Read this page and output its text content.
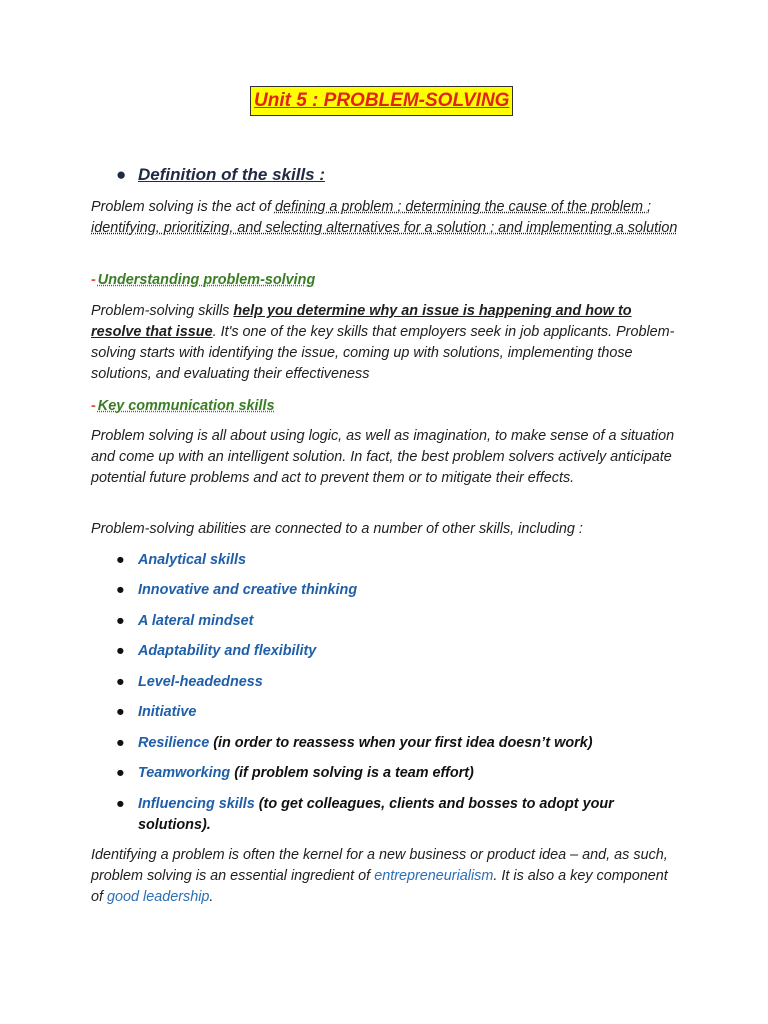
Unit 5 : PROBLEM-SOLVING
● Definition of the skills :
Problem solving is the act of defining a problem ; determining the cause of the problem ; identifying, prioritizing, and selecting alternatives for a solution ; and implementing a solution
- Understanding problem-solving
Problem-solving skills help you determine why an issue is happening and how to resolve that issue. It's one of the key skills that employers seek in job applicants. Problem-solving starts with identifying the issue, coming up with solutions, implementing those solutions, and evaluating their effectiveness
- Key communication skills
Problem solving is all about using logic, as well as imagination, to make sense of a situation and come up with an intelligent solution. In fact, the best problem solvers actively anticipate potential future problems and act to prevent them or to mitigate their effects.
Problem-solving abilities are connected to a number of other skills, including :
● Analytical skills
● Innovative and creative thinking
● A lateral mindset
● Adaptability and flexibility
● Level-headedness
● Initiative
● Resilience (in order to reassess when your first idea doesn’t work)
● Teamworking (if problem solving is a team effort)
● Influencing skills (to get colleagues, clients and bosses to adopt your solutions).
Identifying a problem is often the kernel for a new business or product idea – and, as such, problem solving is an essential ingredient of entrepreneurialism. It is also a key component of good leadership.
